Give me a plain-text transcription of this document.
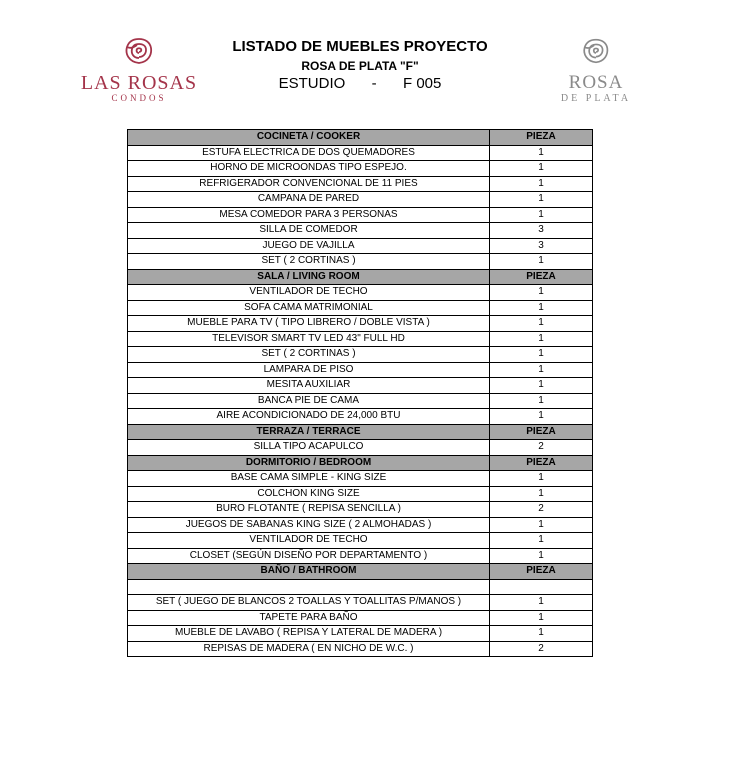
LAS ROSAS
CONDOS
LISTADO DE MUEBLES PROYECTO
ROSA DE PLATA "F"
ESTUDIO - F 005	ROSA
DE PLATA
COCINETA / COOKER	PIEZA
ESTUFA ELECTRICA DE DOS QUEMADORES	1
HORNO DE MICROONDAS TIPO ESPEJO.	1
REFRIGERADOR CONVENCIONAL DE 11 PIES	1
CAMPANA DE PARED	1
MESA COMEDOR PARA 3 PERSONAS	1
SILLA DE COMEDOR	3
JUEGO DE VAJILLA	3
SET ( 2 CORTINAS )	1
SALA / LIVING ROOM	PIEZA
VENTILADOR DE TECHO	1
SOFA CAMA MATRIMONIAL	1
MUEBLE PARA TV ( TIPO LIBRERO / DOBLE VISTA )	1
TELEVISOR SMART TV LED 43" FULL HD	1
SET ( 2 CORTINAS )	1
LAMPARA DE PISO	1
MESITA AUXILIAR	1
BANCA PIE DE CAMA	1
AIRE ACONDICIONADO DE 24,000 BTU	1
TERRAZA / TERRACE	PIEZA
SILLA TIPO ACAPULCO	2
DORMITORIO / BEDROOM	PIEZA
BASE CAMA SIMPLE - KING SIZE	1
COLCHON KING SIZE	1
BURO FLOTANTE ( REPISA SENCILLA )	2
JUEGOS DE SABANAS KING SIZE ( 2 ALMOHADAS )	1
VENTILADOR DE TECHO	1
CLOSET (SEGÚN DISEÑO POR DEPARTAMENTO )	1
BAÑO / BATHROOM	PIEZA

SET ( JUEGO DE BLANCOS 2 TOALLAS Y TOALLITAS P/MANOS )	1
TAPETE PARA BAÑO	1
MUEBLE DE LAVABO ( REPISA Y LATERAL DE MADERA )	1
REPISAS DE MADERA ( EN NICHO DE W.C. )	2
